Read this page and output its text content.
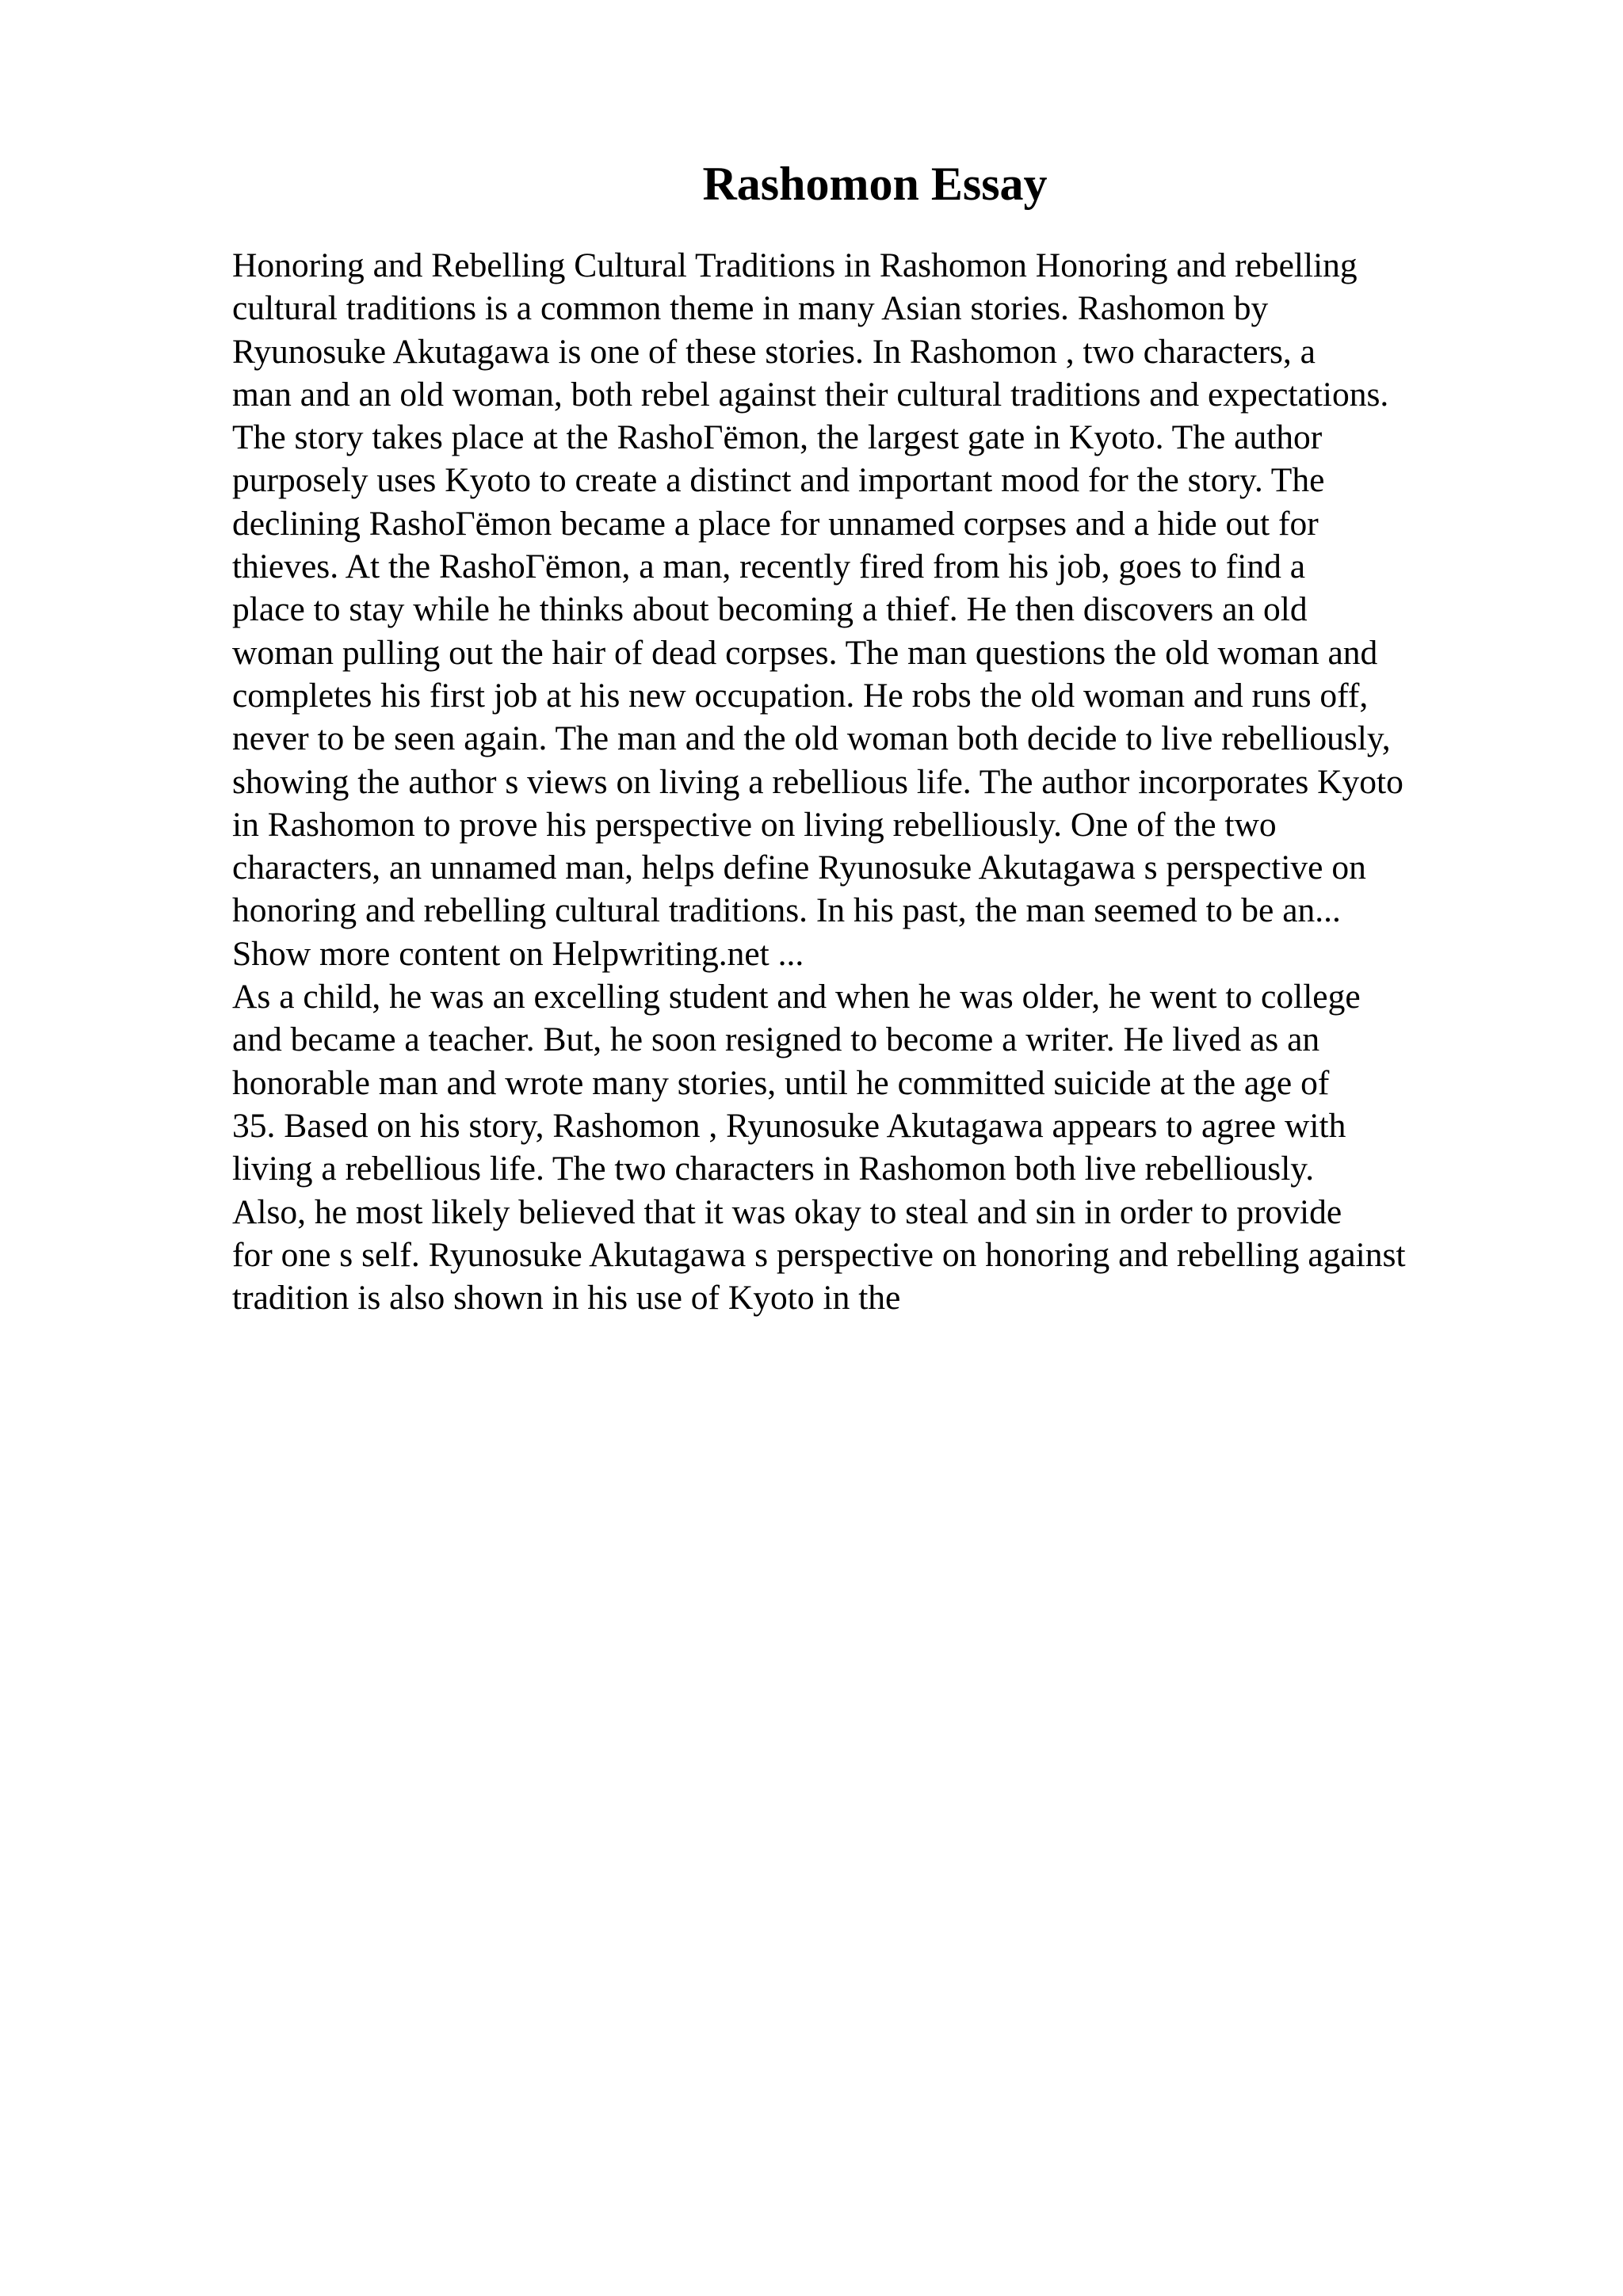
Rashomon Essay
Honoring and Rebelling Cultural Traditions in Rashomon Honoring and rebelling
cultural traditions is a common theme in many Asian stories. Rashomon by
Ryunosuke Akutagawa is one of these stories. In Rashomon , two characters, a
man and an old woman, both rebel against their cultural traditions and expectations.
The story takes place at the RashoΓёmon, the largest gate in Kyoto. The author
purposely uses Kyoto to create a distinct and important mood for the story. The
declining RashoΓёmon became a place for unnamed corpses and a hide out for
thieves. At the RashoΓёmon, a man, recently fired from his job, goes to find a
place to stay while he thinks about becoming a thief. He then discovers an old
woman pulling out the hair of dead corpses. The man questions the old woman and
completes his first job at his new occupation. He robs the old woman and runs off,
never to be seen again. The man and the old woman both decide to live rebelliously,
showing the author s views on living a rebellious life. The author incorporates Kyoto
in Rashomon to prove his perspective on living rebelliously. One of the two
characters, an unnamed man, helps define Ryunosuke Akutagawa s perspective on
honoring and rebelling cultural traditions. In his past, the man seemed to be an...
Show more content on Helpwriting.net ...
As a child, he was an excelling student and when he was older, he went to college
and became a teacher. But, he soon resigned to become a writer. He lived as an
honorable man and wrote many stories, until he committed suicide at the age of
35. Based on his story, Rashomon , Ryunosuke Akutagawa appears to agree with
living a rebellious life. The two characters in Rashomon both live rebelliously.
Also, he most likely believed that it was okay to steal and sin in order to provide
for one s self. Ryunosuke Akutagawa s perspective on honoring and rebelling against
tradition is also shown in his use of Kyoto in the
